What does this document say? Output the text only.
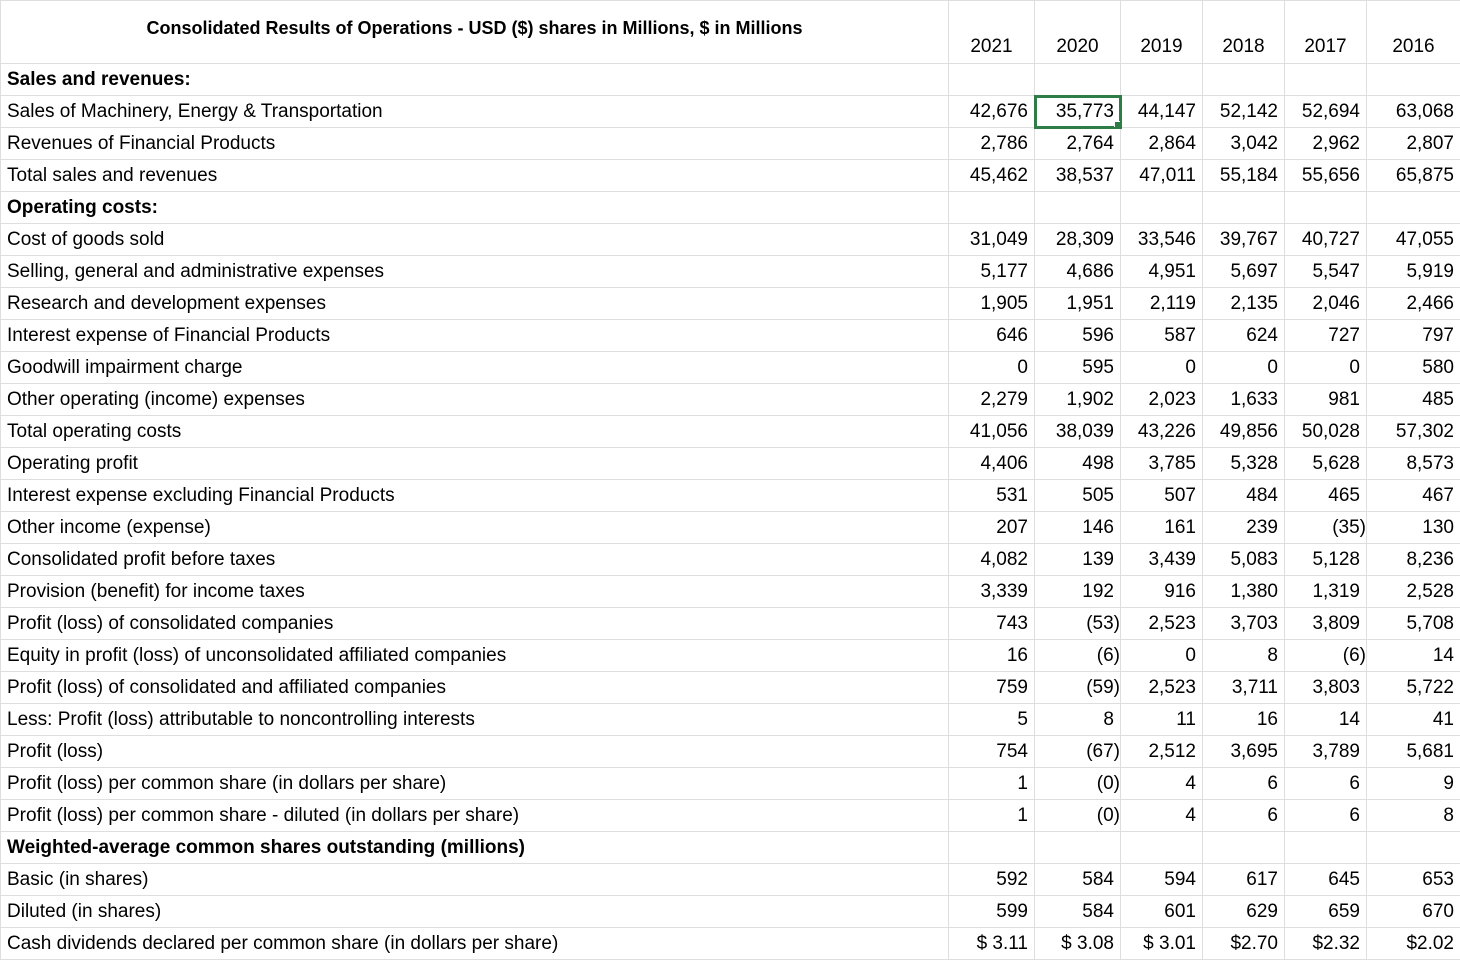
Consolidated Results of Operations - USD ($) shares in Millions, $ in Millions	2021	2020	2019	2018	2017	2016
Sales and revenues:						
Sales of Machinery, Energy & Transportation	42,676	35,773	44,147	52,142	52,694	63,068
Revenues of Financial Products	2,786	2,764	2,864	3,042	2,962	2,807
Total sales and revenues	45,462	38,537	47,011	55,184	55,656	65,875
Operating costs:						
Cost of goods sold	31,049	28,309	33,546	39,767	40,727	47,055
Selling, general and administrative expenses	5,177	4,686	4,951	5,697	5,547	5,919
Research and development expenses	1,905	1,951	2,119	2,135	2,046	2,466
Interest expense of Financial Products	646	596	587	624	727	797
Goodwill impairment charge	0	595	0	0	0	580
Other operating (income) expenses	2,279	1,902	2,023	1,633	981	485
Total operating costs	41,056	38,039	43,226	49,856	50,028	57,302
Operating profit	4,406	498	3,785	5,328	5,628	8,573
Interest expense excluding Financial Products	531	505	507	484	465	467
Other income (expense)	207	146	161	239	(35)	130
Consolidated profit before taxes	4,082	139	3,439	5,083	5,128	8,236
Provision (benefit) for income taxes	3,339	192	916	1,380	1,319	2,528
Profit (loss) of consolidated companies	743	(53)	2,523	3,703	3,809	5,708
Equity in profit (loss) of unconsolidated affiliated companies	16	(6)	0	8	(6)	14
Profit (loss) of consolidated and affiliated companies	759	(59)	2,523	3,711	3,803	5,722
Less: Profit (loss) attributable to noncontrolling interests	5	8	11	16	14	41
Profit (loss)	754	(67)	2,512	3,695	3,789	5,681
Profit (loss) per common share (in dollars per share)	1	(0)	4	6	6	9
Profit (loss) per common share - diluted (in dollars per share)	1	(0)	4	6	6	8
Weighted-average common shares outstanding (millions)						
Basic (in shares)	592	584	594	617	645	653
Diluted (in shares)	599	584	601	629	659	670
Cash dividends declared per common share (in dollars per share)	$ 3.11	$ 3.08	$ 3.01	$2.70	$2.32	$2.02
